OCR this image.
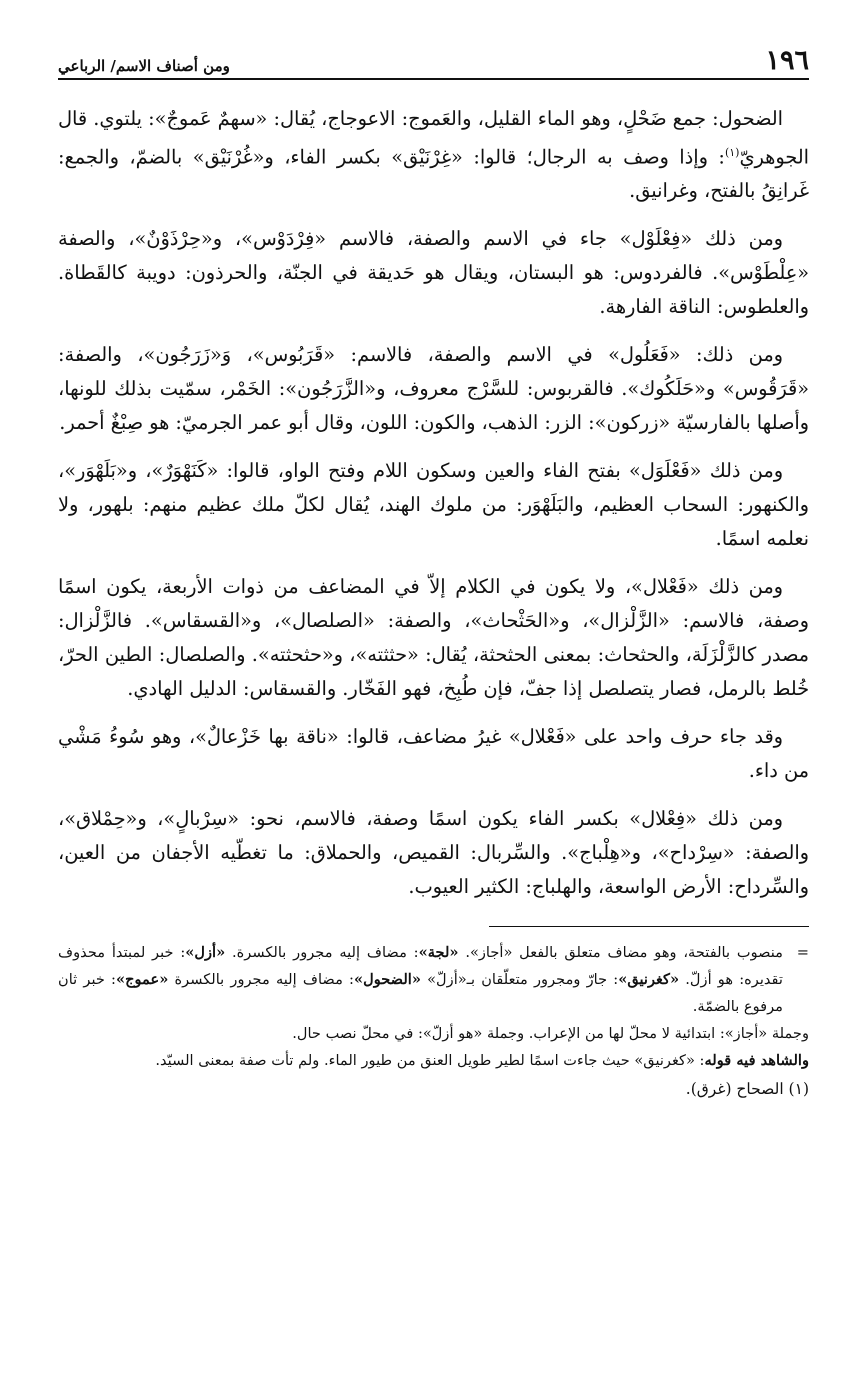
١٩٦
ومن أصناف الاسم/ الرباعي

الضحول: جمع ضَحْلٍ، وهو الماء القليل، والعَموج: الاعوجاج، يُقال: «سهمٌ عَموجٌ»: يلتوي. قال الجوهريّ$^{(١)}$: وإذا وصف به الرجال؛ قالوا: «غِرْنَيْق» بكسر الفاء، و«غُرْنَيْق» بالضمّ، والجمع: غَرانِقُ بالفتح، وغرانيق.

ومن ذلك «فِعْلَوْل» جاء في الاسم والصفة، فالاسم «فِرْدَوْس»، و«حِرْذَوْنٌ»، والصفة «عِلْطَوْس». فالفردوس: هو البستان، ويقال هو حَديقة في الجنّة، والحرذون: دويبة كالقَطاة. والعلطوس: الناقة الفارهة.

ومن ذلك: «فَعَلُول» في الاسم والصفة، فالاسم: «قَرَبُوس»، وَ«زَرَجُون»، والصفة: «قَرَقُوس» و«حَلَكُوك». فالقربوس: للسَّرْج معروف، و«الزَّرَجُون»: الخَمْر، سمّيت بذلك للونها، وأصلها بالفارسيّة «زركون»: الزر: الذهب، والكون: اللون، وقال أبو عمر الجرميّ: هو صِبْغٌ أحمر.

ومن ذلك «فَعْلَوَل» بفتح الفاء والعين وسكون اللام وفتح الواو، قالوا: «كَنَهْوَرٌ»، و«بَلَهْوَر»، والكنهور: السحاب العظيم، والبَلَهْوَر: من ملوك الهند، يُقال لكلّ ملك عظيم منهم: بلهور، ولا نعلمه اسمًا.

ومن ذلك «فَعْلال»، ولا يكون في الكلام إلاّ في المضاعف من ذوات الأربعة، يكون اسمًا وصفة، فالاسم: «الزَّلْزال»، و«الحَثْحاث»، والصفة: «الصلصال»، و«القسقاس». فالزَّلْزال: مصدر كالزَّلْزَلَة، والحثحاث: بمعنى الحثحثة، يُقال: «حثثته»، و«حثحثته». والصلصال: الطين الحرّ، خُلط بالرمل، فصار يتصلصل إذا جفّ، فإن طُبِخ، فهو الفَخّار. والقسقاس: الدليل الهادي.

وقد جاء حرف واحد على «فَعْلال» غيرُ مضاعف، قالوا: «ناقة بها خَزْعالٌ»، وهو سُوءُ مَشْي من داء.

ومن ذلك «فِعْلال» بكسر الفاء يكون اسمًا وصفة، فالاسم، نحو: «سِرْبالٍ»، و«حِمْلاق»، والصفة: «سِرْداح»، و«هِلْباج». والسِّربال: القميص، والحملاق: ما تغطّيه الأجفان من العين، والسِّرداح: الأرض الواسعة، والهلباج: الكثير العيوب.

=
منصوب بالفتحة، وهو مضاف متعلق بالفعل «أجاز». «لجة»: مضاف إليه مجرور بالكسرة. «أزل»: خبر لمبتدأ محذوف تقديره: هو أزلّ. «كغرنيق»: جارّ ومجرور متعلّقان بـ«أزلّ» «الضحول»: مضاف إليه مجرور بالكسرة «عموج»: خبر ثان مرفوع بالضمّة.

وجملة «أجاز»: ابتدائية لا محلّ لها من الإعراب. وجملة «هو أزلّ»: في محلّ نصب حال.

والشاهد فيه قوله: «كغرنيق» حيث جاءت اسمًا لطير طويل العنق من طيور الماء. ولم تأت صفة بمعنى السيّد.

(١) الصحاح (غرق).
